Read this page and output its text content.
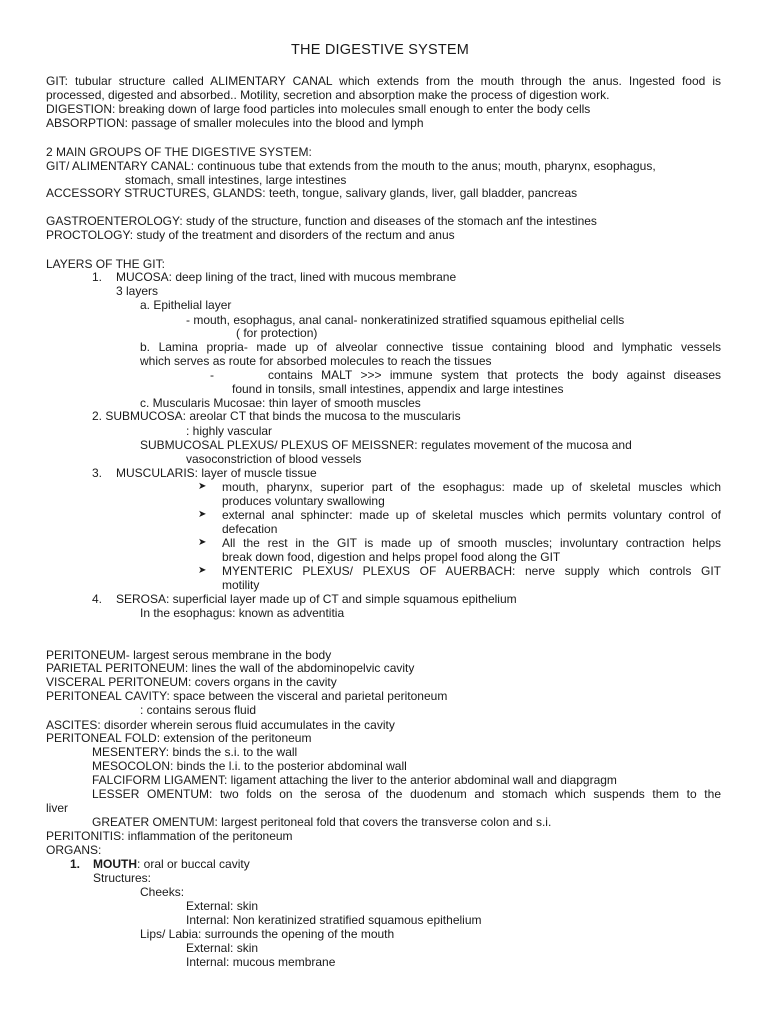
THE DIGESTIVE SYSTEM
GIT: tubular structure called ALIMENTARY CANAL which extends from the mouth through the anus. Ingested food is
processed, digested and absorbed.. Motility, secretion and absorption make the process of digestion work.
DIGESTION: breaking down of large food particles into molecules small enough to enter the body cells
ABSORPTION: passage of smaller molecules into the blood and lymph
2 MAIN GROUPS OF THE DIGESTIVE SYSTEM:
GIT/ ALIMENTARY CANAL: continuous tube that extends from the mouth to the anus; mouth, pharynx, esophagus,
stomach, small intestines, large intestines
ACCESSORY STRUCTURES, GLANDS: teeth, tongue, salivary glands, liver, gall bladder, pancreas
GASTROENTEROLOGY: study of the structure, function and diseases of the stomach anf the intestines
PROCTOLOGY: study of the treatment and disorders of the rectum and anus
LAYERS OF THE GIT:
1. MUCOSA: deep lining of the tract, lined with mucous membrane
3 layers
a. Epithelial layer
- mouth, esophagus, anal canal- nonkeratinized stratified squamous epithelial cells
( for protection)
b. Lamina propria- made up of alveolar connective tissue containing blood and lymphatic vessels
which serves as route for absorbed molecules to reach the tissues
-	contains MALT >>> immune system that protects the body against diseases
found in tonsils, small intestines, appendix and large intestines
c. Muscularis Mucosae: thin layer of smooth muscles
2. SUBMUCOSA: areolar CT that binds the mucosa to the muscularis
: highly vascular
SUBMUCOSAL PLEXUS/ PLEXUS OF MEISSNER: regulates movement of the mucosa and
vasoconstriction of blood vessels
3. MUSCULARIS: layer of muscle tissue
➤ mouth, pharynx, superior part of the esophagus: made up of skeletal muscles which
produces voluntary swallowing
➤ external anal sphincter: made up of skeletal muscles which permits voluntary control of
defecation
➤ All the rest in the GIT is made up of smooth muscles; involuntary contraction helps
break down food, digestion and helps propel food along the GIT
➤ MYENTERIC PLEXUS/ PLEXUS OF AUERBACH: nerve supply which controls GIT
motility
4. SEROSA: superficial layer made up of CT and simple squamous epithelium
In the esophagus: known as adventitia
PERITONEUM- largest serous membrane in the body
PARIETAL PERITONEUM: lines the wall of the abdominopelvic cavity
VISCERAL PERITONEUM: covers organs in the cavity
PERITONEAL CAVITY: space between the visceral and parietal peritoneum
: contains serous fluid
ASCITES: disorder wherein serous fluid accumulates in the cavity
PERITONEAL FOLD: extension of the peritoneum
MESENTERY: binds the s.i. to the wall
MESOCOLON: binds the l.i. to the posterior abdominal wall
FALCIFORM LIGAMENT: ligament attaching the liver to the anterior abdominal wall and diapgragm
LESSER OMENTUM: two folds on the serosa of the duodenum and stomach which suspends them to the
liver
GREATER OMENTUM: largest peritoneal fold that covers the transverse colon and s.i.
PERITONITIS: inflammation of the peritoneum
ORGANS:
1. MOUTH: oral or buccal cavity
Structures:
Cheeks:
External: skin
Internal: Non keratinized stratified squamous epithelium
Lips/ Labia: surrounds the opening of the mouth
External: skin
Internal: mucous membrane
